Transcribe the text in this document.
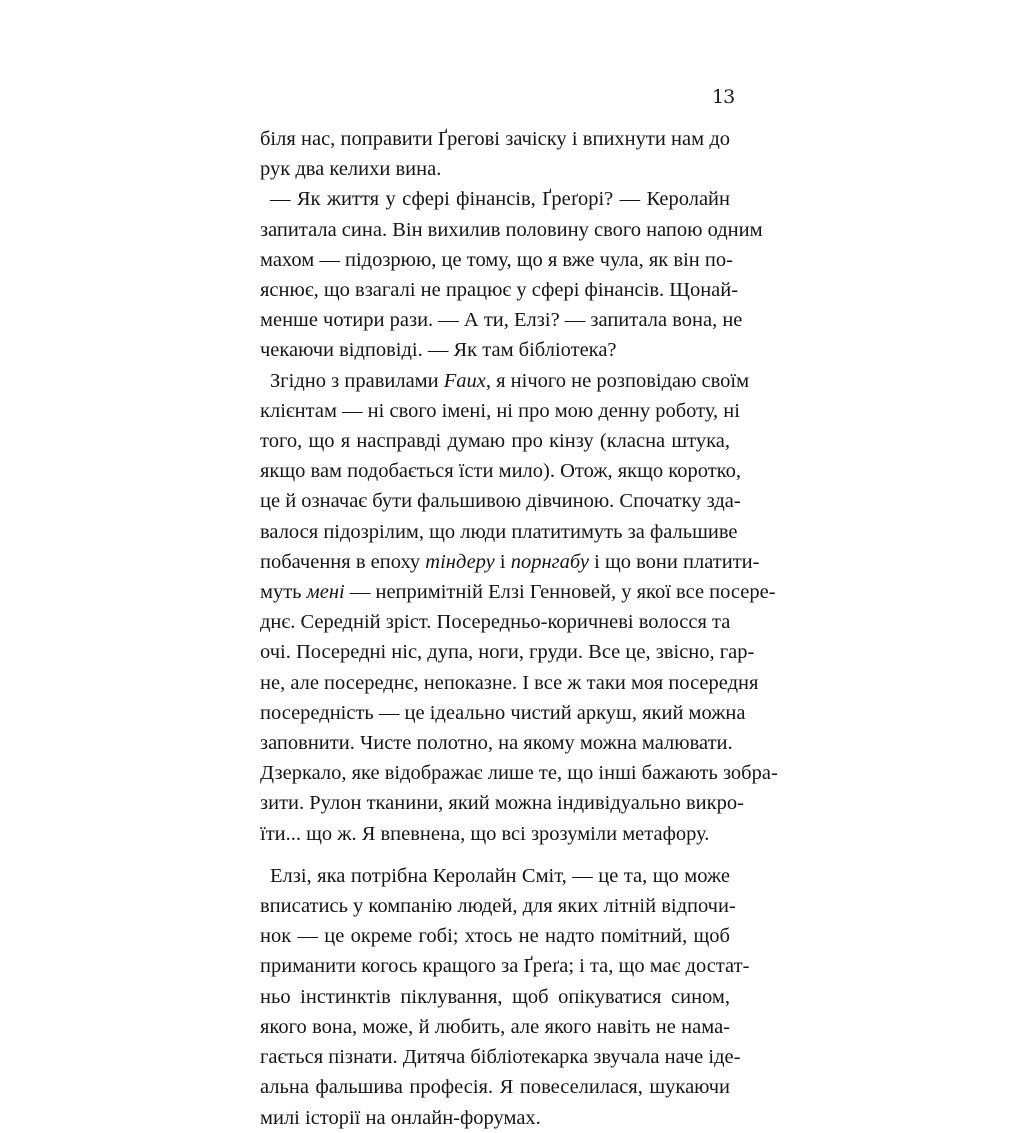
13
біля нас, поправити Ґрегові зачіску і впихнути нам до
рук два келихи вина.
— Як життя у сфері фінансів, Ґреґорі? — Керолайн
запитала сина. Він вихилив половину свого напою одним
махом — підозрюю, це тому, що я вже чула, як він по-
яснює, що взагалі не працює у сфері фінансів. Щонай-
менше чотири рази. — А ти, Елзі? — запитала вона, не
чекаючи відповіді. — Як там бібліотека?
Згідно з правилами Faux, я нічого не розповідаю своїм
клієнтам — ні свого імені, ні про мою денну роботу, ні
того, що я насправді думаю про кінзу (класна штука,
якщо вам подобається їсти мило). Отож, якщо коротко,
це й означає бути фальшивою дівчиною. Спочатку зда-
валося підозрілим, що люди платитимуть за фальшиве
побачення в епоху тіндеру і порнгабу і що вони платити-
муть мені — непримітній Елзі Генновей, у якої все посере-
днє. Середній зріст. Посередньо-коричневі волосся та
очі. Посередні ніс, дупа, ноги, груди. Все це, звісно, гар-
не, але посереднє, непоказне. І все ж таки моя посередня
посередність — це ідеально чистий аркуш, який можна
заповнити. Чисте полотно, на якому можна малювати.
Дзеркало, яке відображає лише те, що інші бажають зобра-
зити. Рулон тканини, який можна індивідуально викро-
їти... що ж. Я впевнена, що всі зрозуміли метафору.
Елзі, яка потрібна Керолайн Сміт, — це та, що може
вписатись у компанію людей, для яких літній відпочи-
нок — це окреме гобі; хтось не надто помітний, щоб
приманити когось кращого за Ґреґа; і та, що має достат-
ньо інстинктів піклування, щоб опікуватися сином,
якого вона, може, й любить, але якого навіть не нама-
гається пізнати. Дитяча бібліотекарка звучала наче іде-
альна фальшива професія. Я повеселилася, шукаючи
милі історії на онлайн-форумах.
